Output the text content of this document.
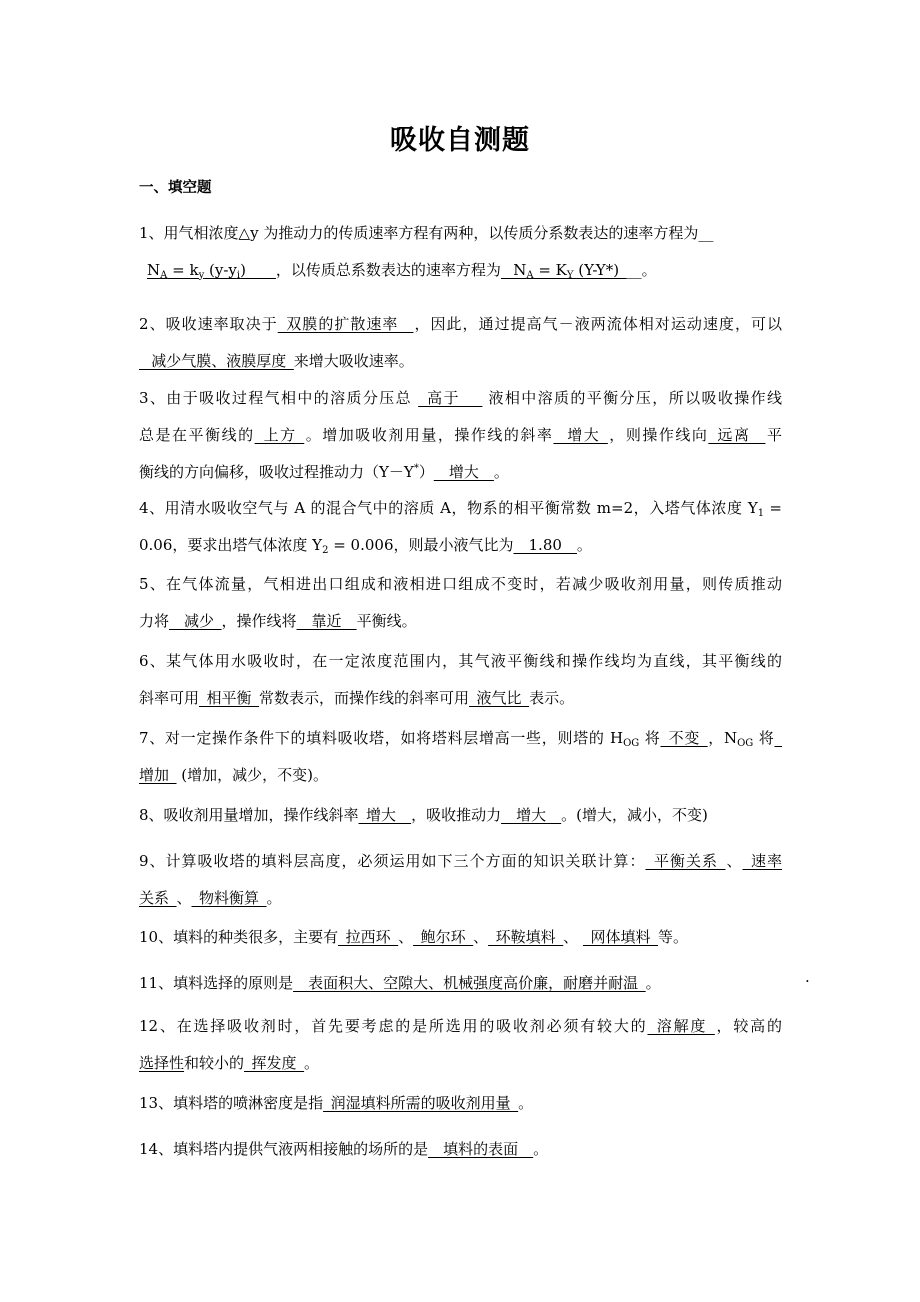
吸收自测题
一、填空题
1、用气相浓度△y 为推动力的传质速率方程有两种，以传质分系数表达的速率方程为__
$N_A = k_y$ $(y-y_i)\_\_\_\_$，以传质总系数表达的速率方程为_ $N_A = K_Y$ (Y-Y*)___。
2、吸收速率取决于_双膜的扩散速率__，因此，通过提高气－液两流体相对运动速度，可以
_ 减少气膜、液膜厚度_来增大吸收速率。
3、由于吸收过程气相中的溶质分压总 _高于___ 液相中溶质的平衡分压，所以吸收操作线
总是在平衡线的_上方_。增加吸收剂用量，操作线的斜率_ 增大_，则操作线向_远离__平
衡线的方向偏移，吸收过程推动力（Y－Y*）__增大__。
4、用清水吸收空气与 A 的混合气中的溶质 A，物系的相平衡常数 m=2，入塔气体浓度 $Y_1$ =
0.06，要求出塔气体浓度 $Y_2 = 0.006$，则最小液气比为__1.80__。
5、在气体流量，气相进出口组成和液相进口组成不变时，若减少吸收剂用量，则传质推动
力将__减少_，操作线将__靠近__平衡线。
6、某气体用水吸收时，在一定浓度范围内，其气液平衡线和操作线均为直线，其平衡线的
斜率可用_相平衡_常数表示，而操作线的斜率可用_液气比_表示。
7、对一定操作条件下的填料吸收塔，如将塔料层增高一些，则塔的 $H_{OG}$ 将_不变_，$N_{OG}$ 将_
增加_ (增加，减少，不变)。
8、吸收剂用量增加，操作线斜率_增大__，吸收推动力__增大__。(增大，减小，不变)
9、计算吸收塔的填料层高度，必须运用如下三个方面的知识关联计算：_平衡关系_、_速率
关系_、_物料衡算_。
10、填料的种类很多，主要有_拉西环_、_鲍尔环_、_环鞍填料_、 _网体填料_等。
11、填料选择的原则是__表面积大、空隙大、机械强度高价廉，耐磨并耐温_。	.
12、在选择吸收剂时，首先要考虑的是所选用的吸收剂必须有较大的_溶解度_，较高的
选择性和较小的_挥发度_。
13、填料塔的喷淋密度是指_润湿填料所需的吸收剂用量_。
14、填料塔内提供气液两相接触的场所的是__填料的表面__。
